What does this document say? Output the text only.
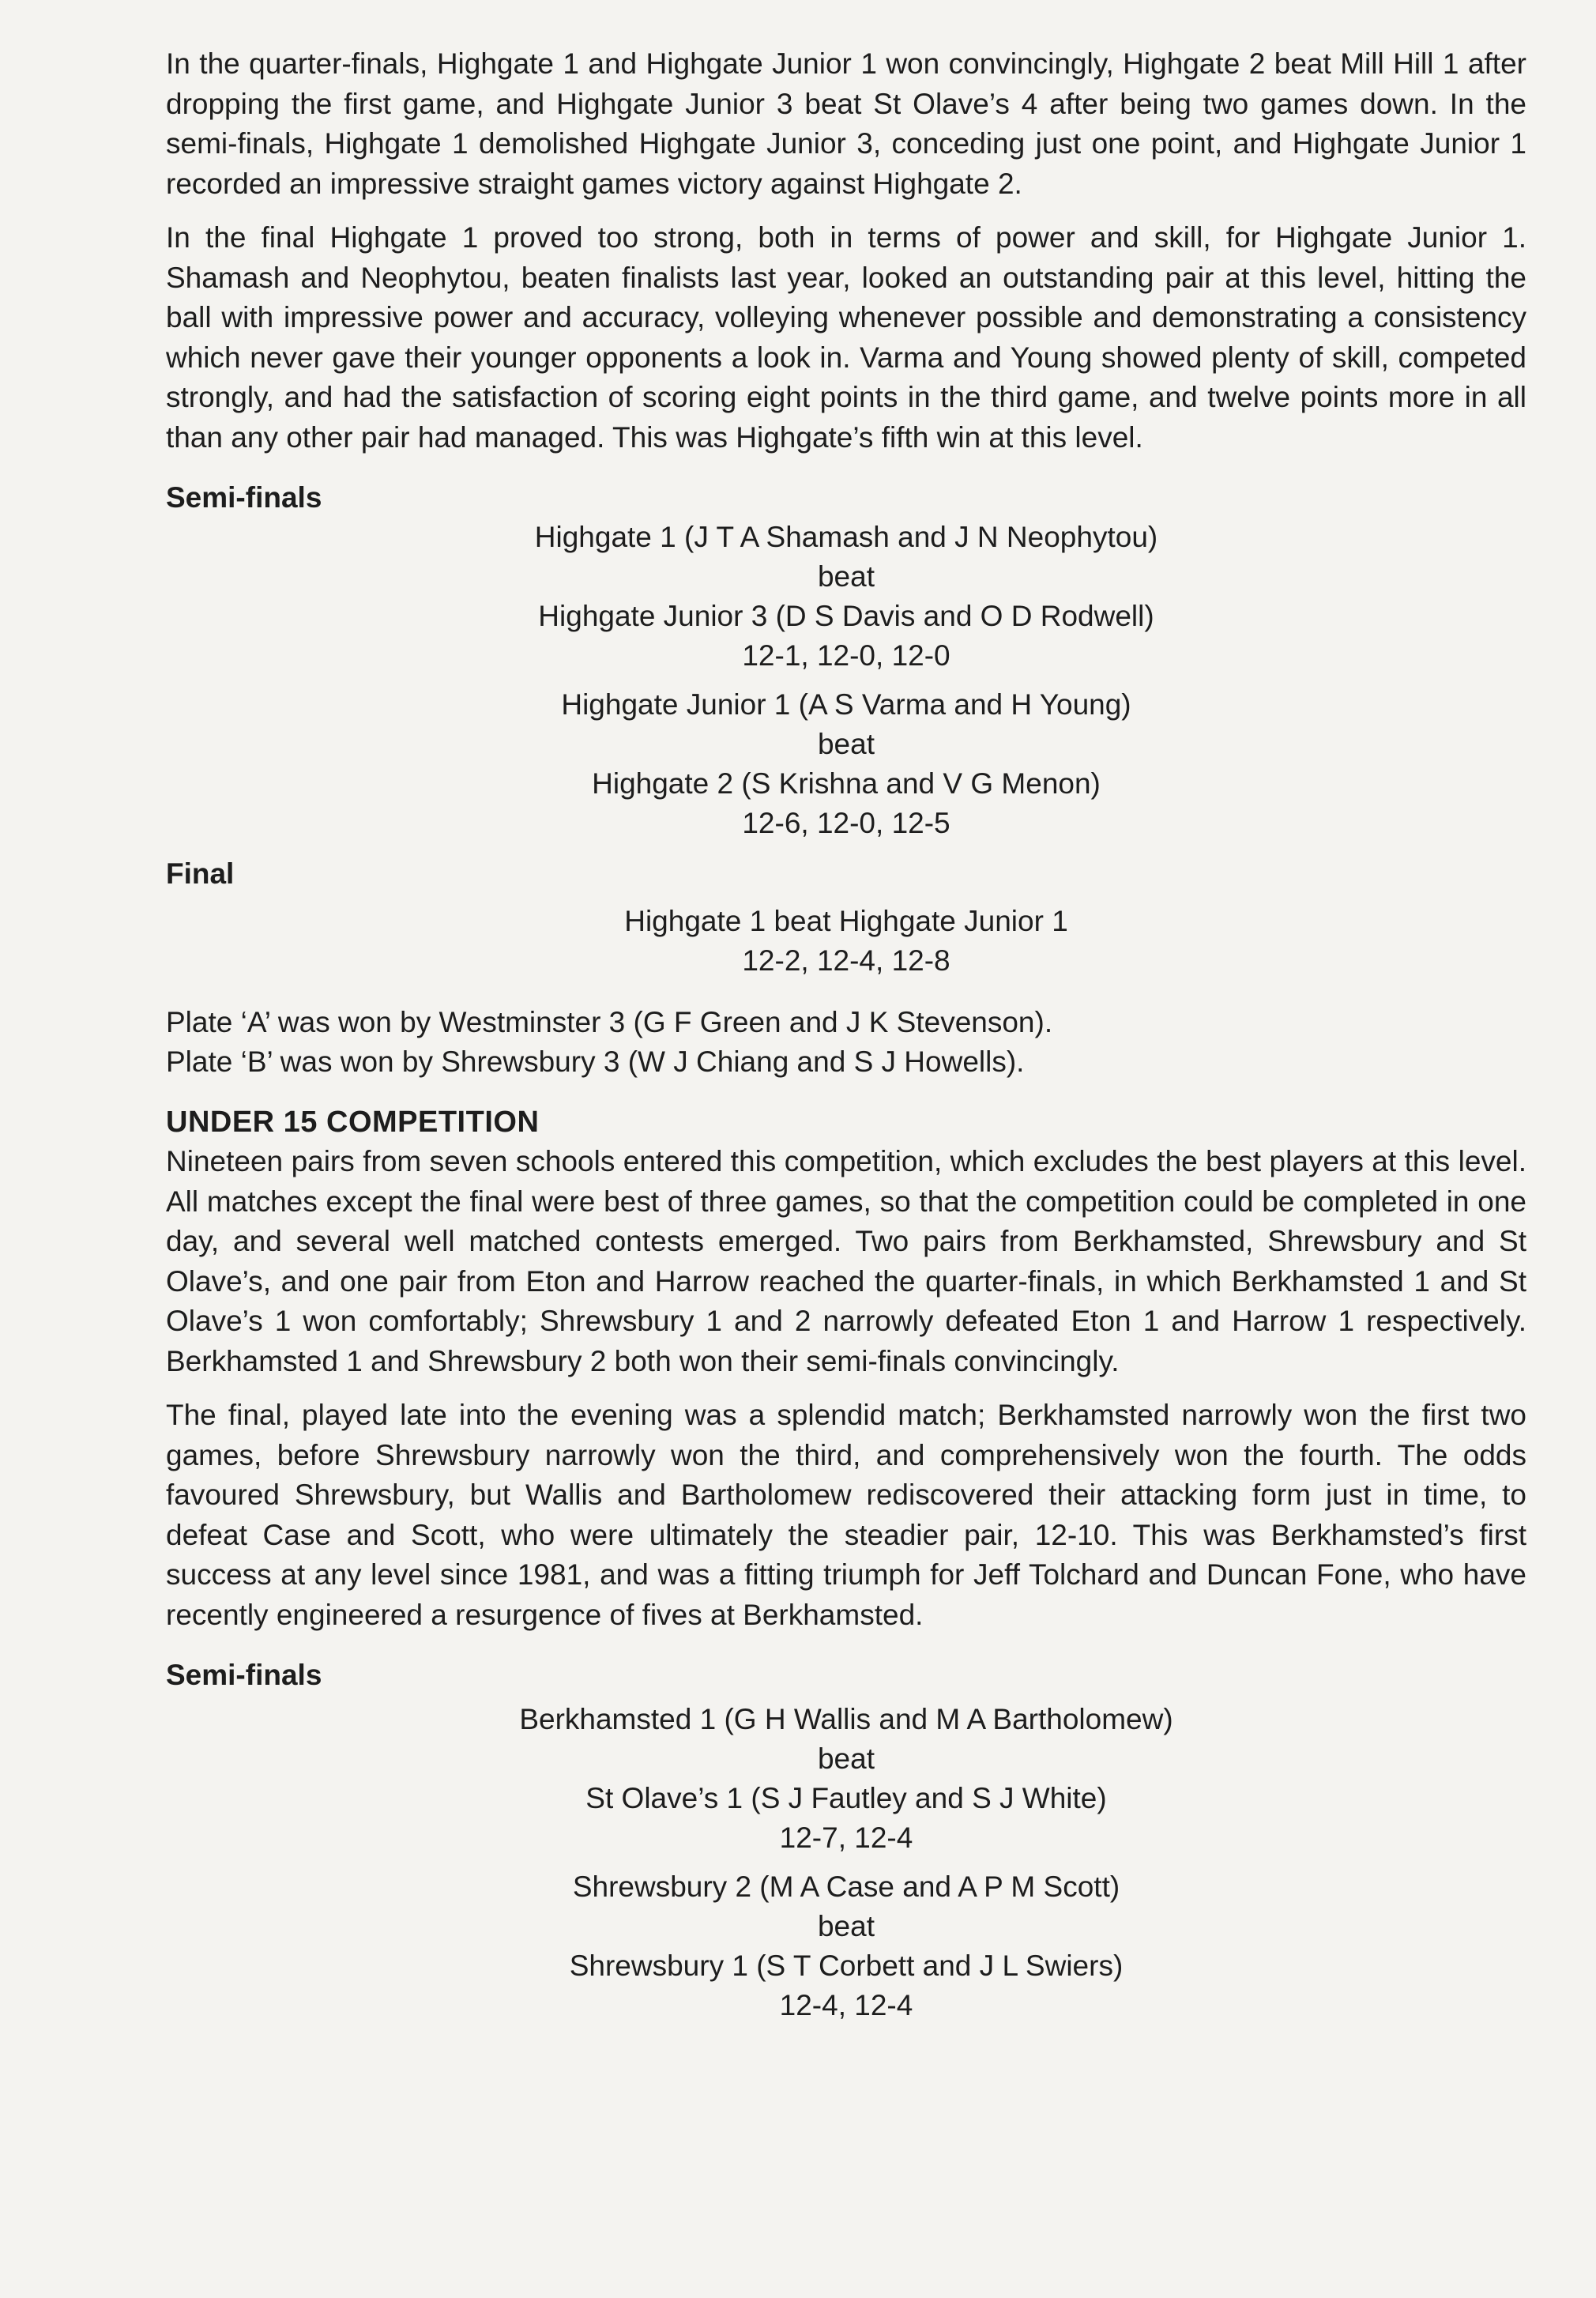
In the quarter-finals, Highgate 1 and Highgate Junior 1 won convincingly, Highgate 2 beat Mill Hill 1 after dropping the first game, and Highgate Junior 3 beat St Olave’s 4 after being two games down. In the semi-finals, Highgate 1 demolished Highgate Junior 3, conceding just one point, and Highgate Junior 1 recorded an impressive straight games victory against Highgate 2.

In the final Highgate 1 proved too strong, both in terms of power and skill, for Highgate Junior 1. Shamash and Neophytou, beaten finalists last year, looked an outstanding pair at this level, hitting the ball with impressive power and accuracy, volleying whenever possible and demonstrating a consistency which never gave their younger opponents a look in. Varma and Young showed plenty of skill, competed strongly, and had the satisfaction of scoring eight points in the third game, and twelve points more in all than any other pair had managed. This was Highgate’s fifth win at this level.

Semi-finals
Highgate 1 (J T A Shamash and J N Neophytou)
beat
Highgate Junior 3 (D S Davis and O D Rodwell)
12-1, 12-0, 12-0
Highgate Junior 1 (A S Varma and H Young)
beat
Highgate 2 (S Krishna and V G Menon)
12-6, 12-0, 12-5
Final
Highgate 1 beat Highgate Junior 1
12-2, 12-4, 12-8
Plate ‘A’ was won by Westminster 3 (G F Green and J K Stevenson).
Plate ‘B’ was won by Shrewsbury 3 (W J Chiang and S J Howells).
UNDER 15 COMPETITION

Nineteen pairs from seven schools entered this competition, which excludes the best players at this level. All matches except the final were best of three games, so that the competition could be completed in one day, and several well matched contests emerged. Two pairs from Berkhamsted, Shrewsbury and St Olave’s, and one pair from Eton and Harrow reached the quarter-finals, in which Berkhamsted 1 and St Olave’s 1 won comfortably; Shrewsbury 1 and 2 narrowly defeated Eton 1 and Harrow 1 respectively. Berkhamsted 1 and Shrewsbury 2 both won their semi-finals convincingly.

The final, played late into the evening was a splendid match; Berkhamsted narrowly won the first two games, before Shrewsbury narrowly won the third, and comprehensively won the fourth. The odds favoured Shrewsbury, but Wallis and Bartholomew rediscovered their attacking form just in time, to defeat Case and Scott, who were ultimately the steadier pair, 12-10. This was Berkhamsted’s first success at any level since 1981, and was a fitting triumph for Jeff Tolchard and Duncan Fone, who have recently engineered a resurgence of fives at Berkhamsted.

Semi-finals
Berkhamsted 1 (G H Wallis and M A Bartholomew)
beat
St Olave’s 1 (S J Fautley and S J White)
12-7, 12-4
Shrewsbury 2 (M A Case and A P M Scott)
beat
Shrewsbury 1 (S T Corbett and J L Swiers)
12-4, 12-4
